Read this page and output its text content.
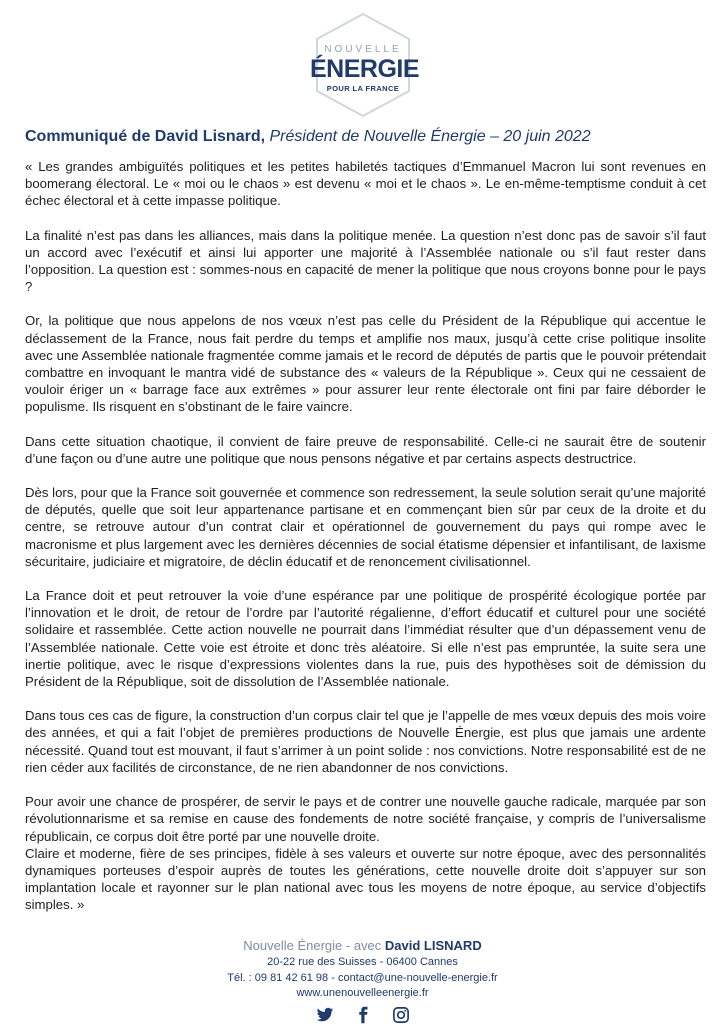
NOUVELLE
ÉNERGIE
POUR LA FRANCE
Communiqué de David Lisnard, Président de Nouvelle Énergie – 20 juin 2022

« Les grandes ambiguïtés politiques et les petites habiletés tactiques d’Emmanuel Macron lui sont revenues en boomerang électoral. Le « moi ou le chaos » est devenu « moi et le chaos ». Le en-même-temptisme conduit à cet échec électoral et à cette impasse politique.

La finalité n’est pas dans les alliances, mais dans la politique menée. La question n’est donc pas de savoir s’il faut un accord avec l’exécutif et ainsi lui apporter une majorité à l’Assemblée nationale ou s’il faut rester dans l’opposition. La question est : sommes-nous en capacité de mener la politique que nous croyons bonne pour le pays ?

Or, la politique que nous appelons de nos vœux n’est pas celle du Président de la République qui accentue le déclassement de la France, nous fait perdre du temps et amplifie nos maux, jusqu’à cette crise politique insolite avec une Assemblée nationale fragmentée comme jamais et le record de députés de partis que le pouvoir prétendait combattre en invoquant le mantra vidé de substance des « valeurs de la République ». Ceux qui ne cessaient de vouloir ériger un « barrage face aux extrêmes » pour assurer leur rente électorale ont fini par faire déborder le populisme. Ils risquent en s’obstinant de le faire vaincre.

Dans cette situation chaotique, il convient de faire preuve de responsabilité. Celle-ci ne saurait être de soutenir d’une façon ou d’une autre une politique que nous pensons négative et par certains aspects destructrice.

Dès lors, pour que la France soit gouvernée et commence son redressement, la seule solution serait qu’une majorité de députés, quelle que soit leur appartenance partisane et en commençant bien sûr par ceux de la droite et du centre, se retrouve autour d’un contrat clair et opérationnel de gouvernement du pays qui rompe avec le macronisme et plus largement avec les dernières décennies de social étatisme dépensier et infantilisant, de laxisme sécuritaire, judiciaire et migratoire, de déclin éducatif et de renoncement civilisationnel.

La France doit et peut retrouver la voie d’une espérance par une politique de prospérité écologique portée par l’innovation et le droit, de retour de l’ordre par l’autorité régalienne, d’effort éducatif et culturel pour une société solidaire et rassemblée. Cette action nouvelle ne pourrait dans l’immédiat résulter que d’un dépassement venu de l’Assemblée nationale. Cette voie est étroite et donc très aléatoire. Si elle n’est pas empruntée, la suite sera une inertie politique, avec le risque d’expressions violentes dans la rue, puis des hypothèses soit de démission du Président de la République, soit de dissolution de l’Assemblée nationale.

Dans tous ces cas de figure, la construction d’un corpus clair tel que je l’appelle de mes vœux depuis des mois voire des années, et qui a fait l’objet de premières productions de Nouvelle Énergie, est plus que jamais une ardente nécessité. Quand tout est mouvant, il faut s’arrimer à un point solide : nos convictions. Notre responsabilité est de ne rien céder aux facilités de circonstance, de ne rien abandonner de nos convictions.

Pour avoir une chance de prospérer, de servir le pays et de contrer une nouvelle gauche radicale, marquée par son révolutionnarisme et sa remise en cause des fondements de notre société française, y compris de l’universalisme républicain, ce corpus doit être porté par une nouvelle droite.

Claire et moderne, fière de ses principes, fidèle à ses valeurs et ouverte sur notre époque, avec des personnalités dynamiques porteuses d’espoir auprès de toutes les générations, cette nouvelle droite doit s’appuyer sur son implantation locale et rayonner sur le plan national avec tous les moyens de notre époque, au service d’objectifs simples. »

Nouvelle Énergie - avec David LISNARD
20-22 rue des Suisses - 06400 Cannes
Tél. : 09 81 42 61 98 - contact@une-nouvelle-energie.fr
www.unenouvelleenergie.fr
